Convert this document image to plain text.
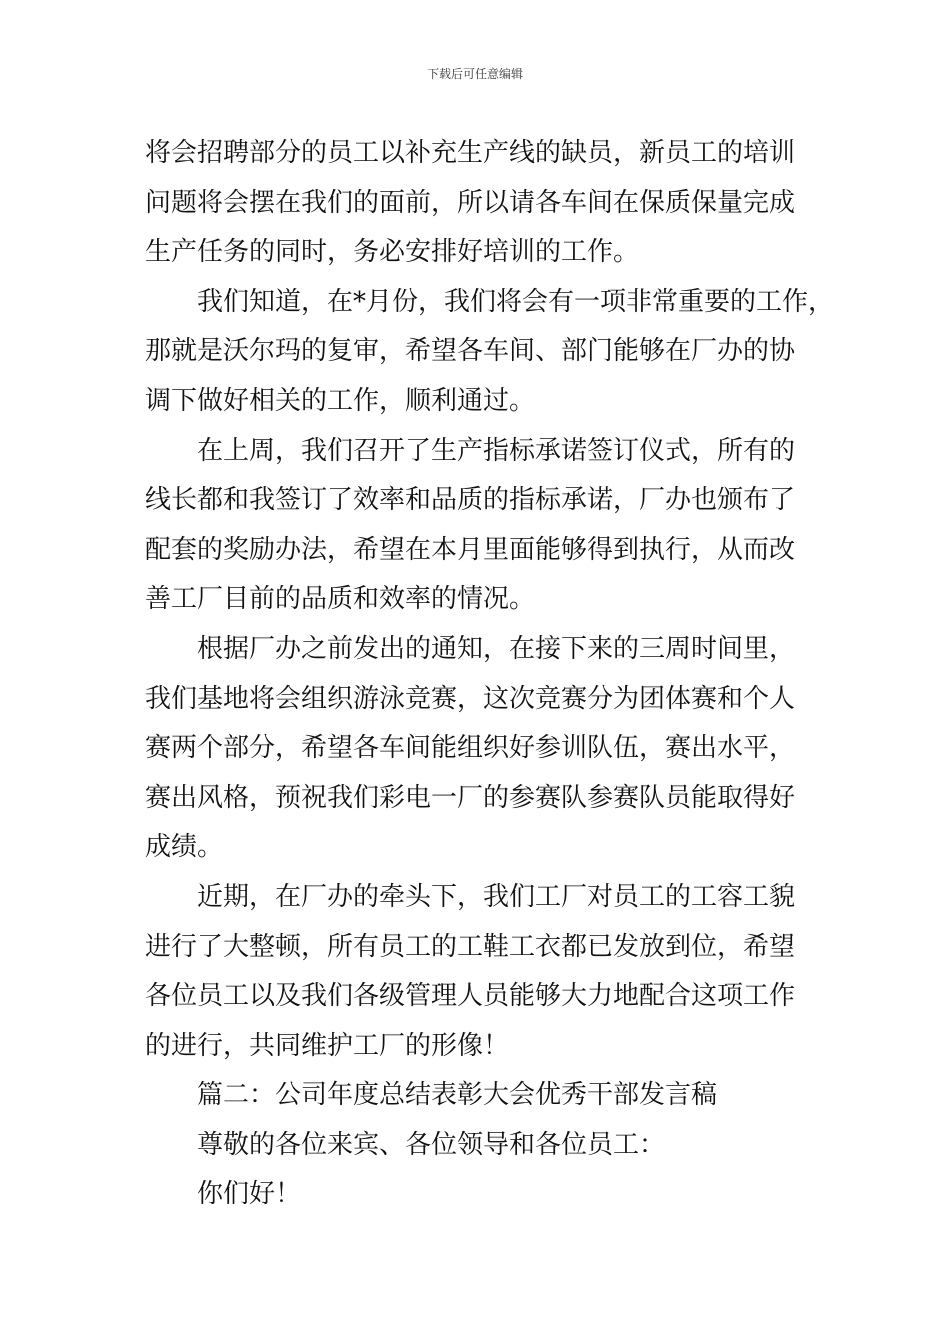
下载后可任意编辑

将会招聘部分的员工以补充生产线的缺员，新员工的培训
问题将会摆在我们的面前，所以请各车间在保质保量完成
生产任务的同时，务必安排好培训的工作。

我们知道，在*月份，我们将会有一项非常重要的工作，
那就是沃尔玛的复审，希望各车间、部门能够在厂办的协
调下做好相关的工作，顺利通过。

在上周，我们召开了生产指标承诺签订仪式，所有的
线长都和我签订了效率和品质的指标承诺，厂办也颁布了
配套的奖励办法，希望在本月里面能够得到执行，从而改
善工厂目前的品质和效率的情况。

根据厂办之前发出的通知，在接下来的三周时间里，
我们基地将会组织游泳竞赛，这次竞赛分为团体赛和个人
赛两个部分，希望各车间能组织好参训队伍，赛出水平，
赛出风格，预祝我们彩电一厂的参赛队参赛队员能取得好
成绩。

近期，在厂办的牵头下，我们工厂对员工的工容工貌
进行了大整顿，所有员工的工鞋工衣都已发放到位，希望
各位员工以及我们各级管理人员能够大力地配合这项工作
的进行，共同维护工厂的形像！

篇二：公司年度总结表彰大会优秀干部发言稿

尊敬的各位来宾、各位领导和各位员工：

你们好！
